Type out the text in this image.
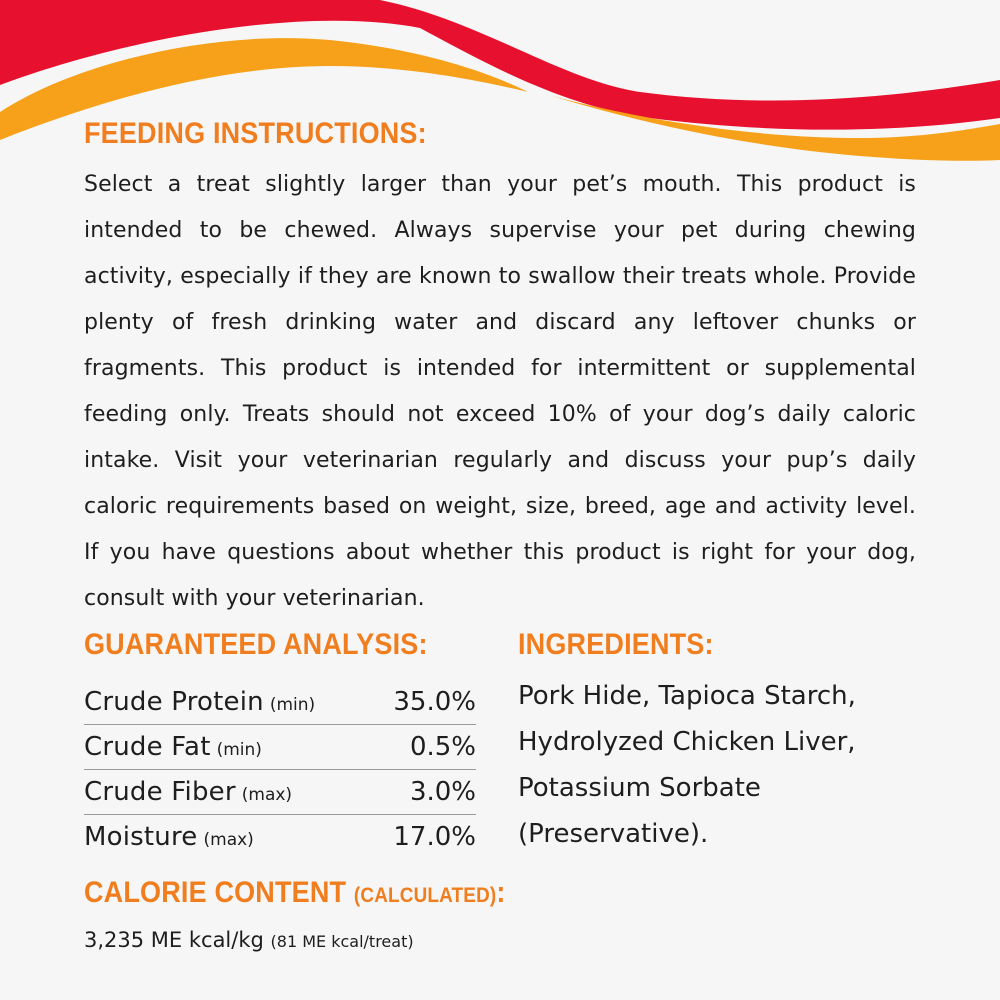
FEEDING INSTRUCTIONS:

Select a treat slightly larger than your pet’s mouth. This product is intended to be chewed. Always supervise your pet during chewing activity, especially if they are known to swallow their treats whole. Provide plenty of fresh drinking water and discard any leftover chunks or fragments. This product is intended for intermittent or supplemental feeding only. Treats should not exceed 10% of your dog’s daily caloric intake. Visit your veterinarian regularly and discuss your pup’s daily caloric requirements based on weight, size, breed, age and activity level. If you have questions about whether this product is right for your dog, consult with your veterinarian.

GUARANTEED ANALYSIS:
Crude Protein (min)	35.0%
Crude Fat (min)	0.5%
Crude Fiber (max)	3.0%
Moisture (max)	17.0%
INGREDIENTS:

Pork Hide, Tapioca Starch, Hydrolyzed Chicken Liver, Potassium Sorbate (Preservative).

CALORIE CONTENT (CALCULATED):
3,235 ME kcal/kg (81 ME kcal/treat)
